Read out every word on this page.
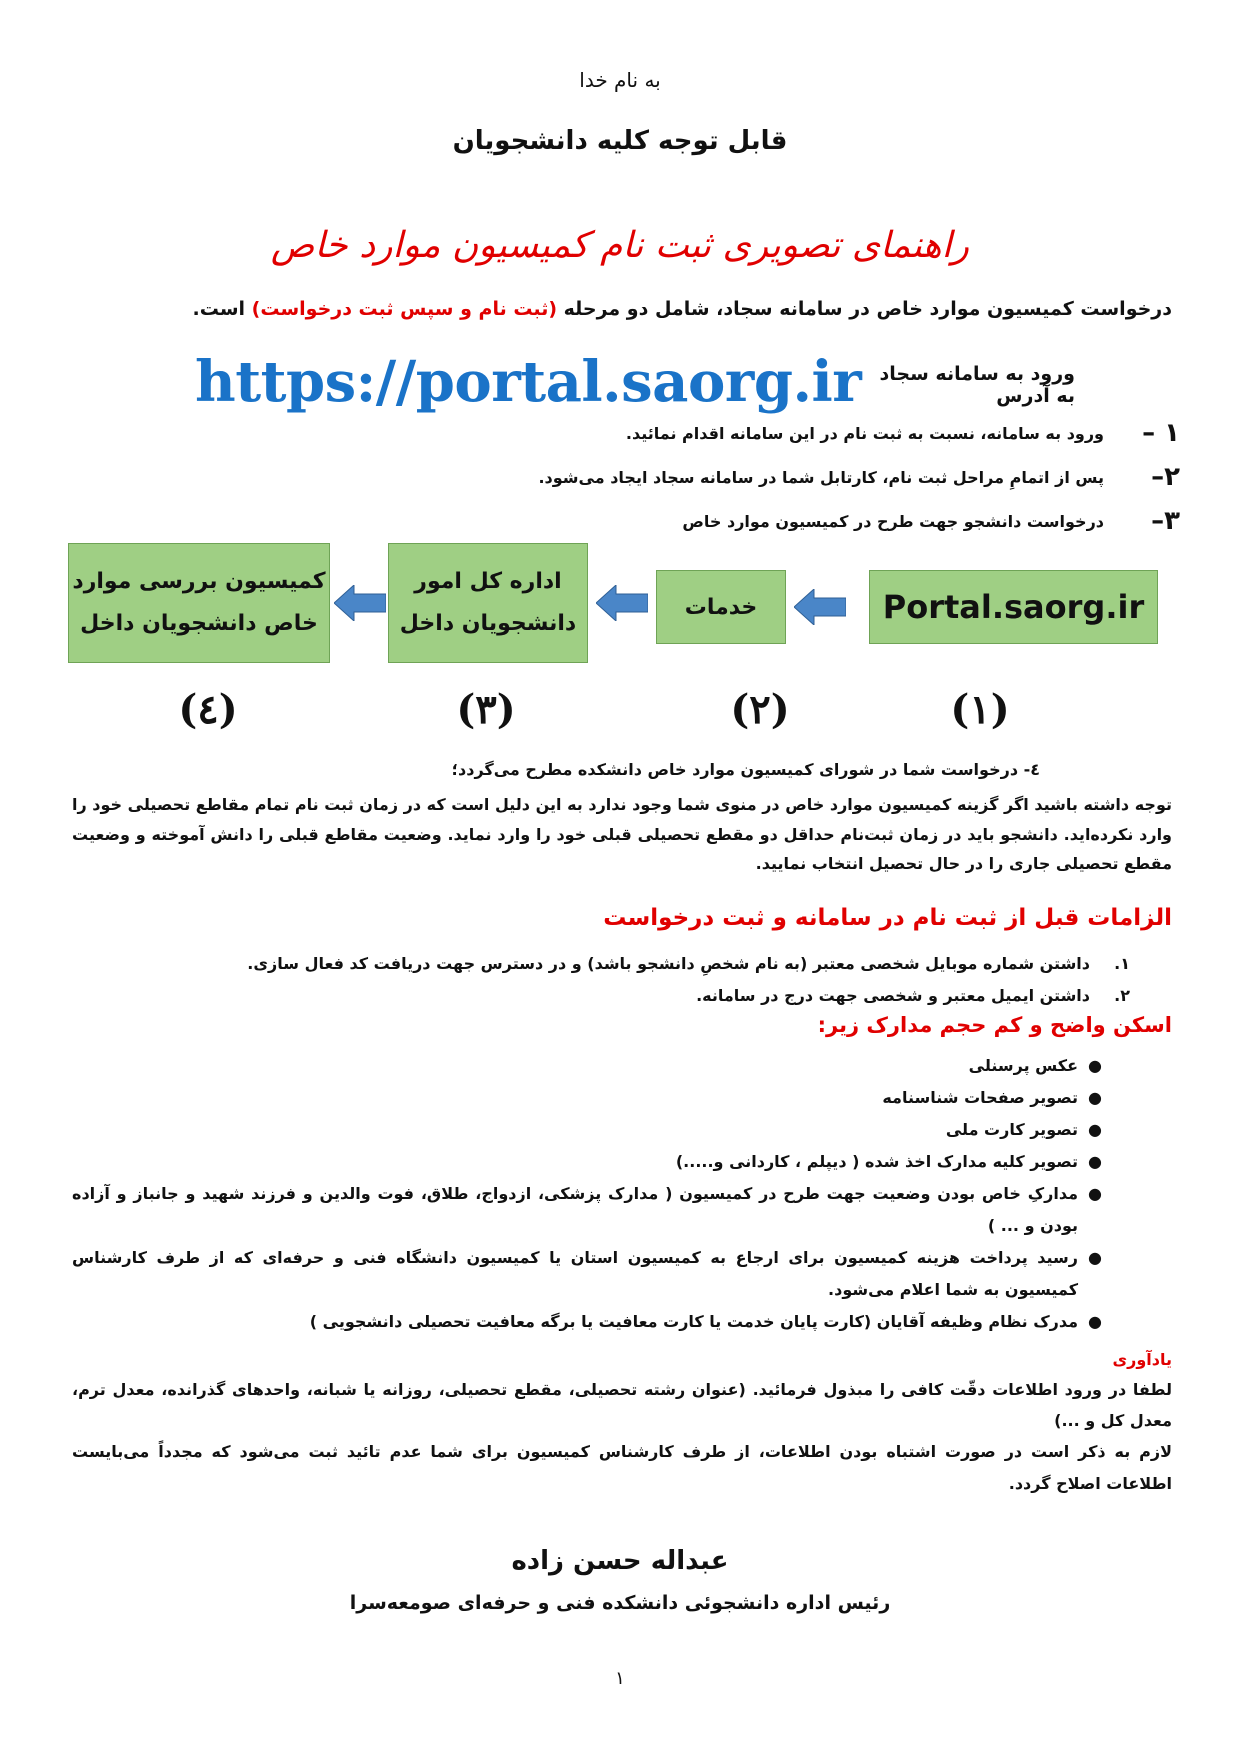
به نام خدا
قابل توجه کلیه دانشجویان
راهنمای تصویری ثبت نام کمیسیون موارد خاص
درخواست کمیسیون موارد خاص در سامانه سجاد، شامل دو مرحله (ثبت نام و سپس ثبت درخواست) است.
https://portal.saorg.ir ورود به سامانه سجاد به آدرس
۱ –
ورود به سامانه، نسبت به ثبت نام در این سامانه اقدام نمائید.
۲–
پس از اتمامِ مراحل ثبت نام، کارتابل شما در سامانه سجاد ایجاد می‌شود.
۳–
درخواست دانشجو جهت طرح در کمیسیون موارد خاص
Portal.saorg.ir
خدمات
اداره کل امور
دانشجویان داخل
کمیسیون بررسی موارد
خاص دانشجویان داخل
(۱)
(۲)
(۳)
(٤)
٤- درخواست شما در شورای کمیسیون موارد خاص دانشکده مطرح می‌گردد؛
توجه داشته باشید اگر گزینه کمیسیون موارد خاص در منوی شما وجود ندارد به این دلیل است که در زمان ثبت نام تمام مقاطع تحصیلی خود را وارد نکرده‌اید. دانشجو باید در زمان ثبت‌نام حداقل دو مقطع تحصیلی قبلی خود را وارد نماید. وضعیت مقاطع قبلی را دانش آموخته و وضعیت مقطع تحصیلی جاری را در حال تحصیل انتخاب نمایید.
الزامات قبل از ثبت نام در سامانه و ثبت درخواست
۱.
داشتن شماره موبایل شخصی معتبر (به نام شخصِ دانشجو باشد) و در دسترس جهت دریافت کد فعال سازی.
۲.
داشتن ایمیل معتبر و شخصی جهت درج در سامانه.
اسکن واضح و کم حجم مدارک زیر:
●
عکس پرسنلی
●
تصویر صفحات شناسنامه
●
تصویر کارت ملی
●
تصویر کلیه مدارک اخذ شده ( دیپلم ، کاردانی و.....)
●
مدارکِ خاص بودن وضعیت جهت طرح در کمیسیون ( مدارک پزشکی، ازدواج، طلاق، فوت والدین و فرزند شهید و جانباز و آزاده بودن و ... )
●
رسید پرداخت هزینه کمیسیون برای ارجاع به کمیسیون استان یا کمیسیون دانشگاه فنی و حرفه‌ای که از طرف کارشناس کمیسیون به شما اعلام می‌شود.
●
مدرک نظام وظیفه آقایان (کارت پایان خدمت یا کارت معافیت یا برگه معافیت تحصیلی دانشجویی )
یادآوری
لطفا در ورود اطلاعات دقّت کافی را مبذول فرمائید. (عنوان رشته تحصیلی، مقطع تحصیلی، روزانه یا شبانه، واحدهای گذرانده، معدل ترم، معدل کل و ...)
لازم به ذکر است در صورت اشتباه بودن اطلاعات، از طرف کارشناس کمیسیون برای شما عدم تائید ثبت می‌شود که مجدداً می‌بایست اطلاعات اصلاح گردد.
عبداله حسن زاده
رئیس اداره دانشجوئی دانشکده فنی و حرفه‌ای صومعه‌سرا
۱
